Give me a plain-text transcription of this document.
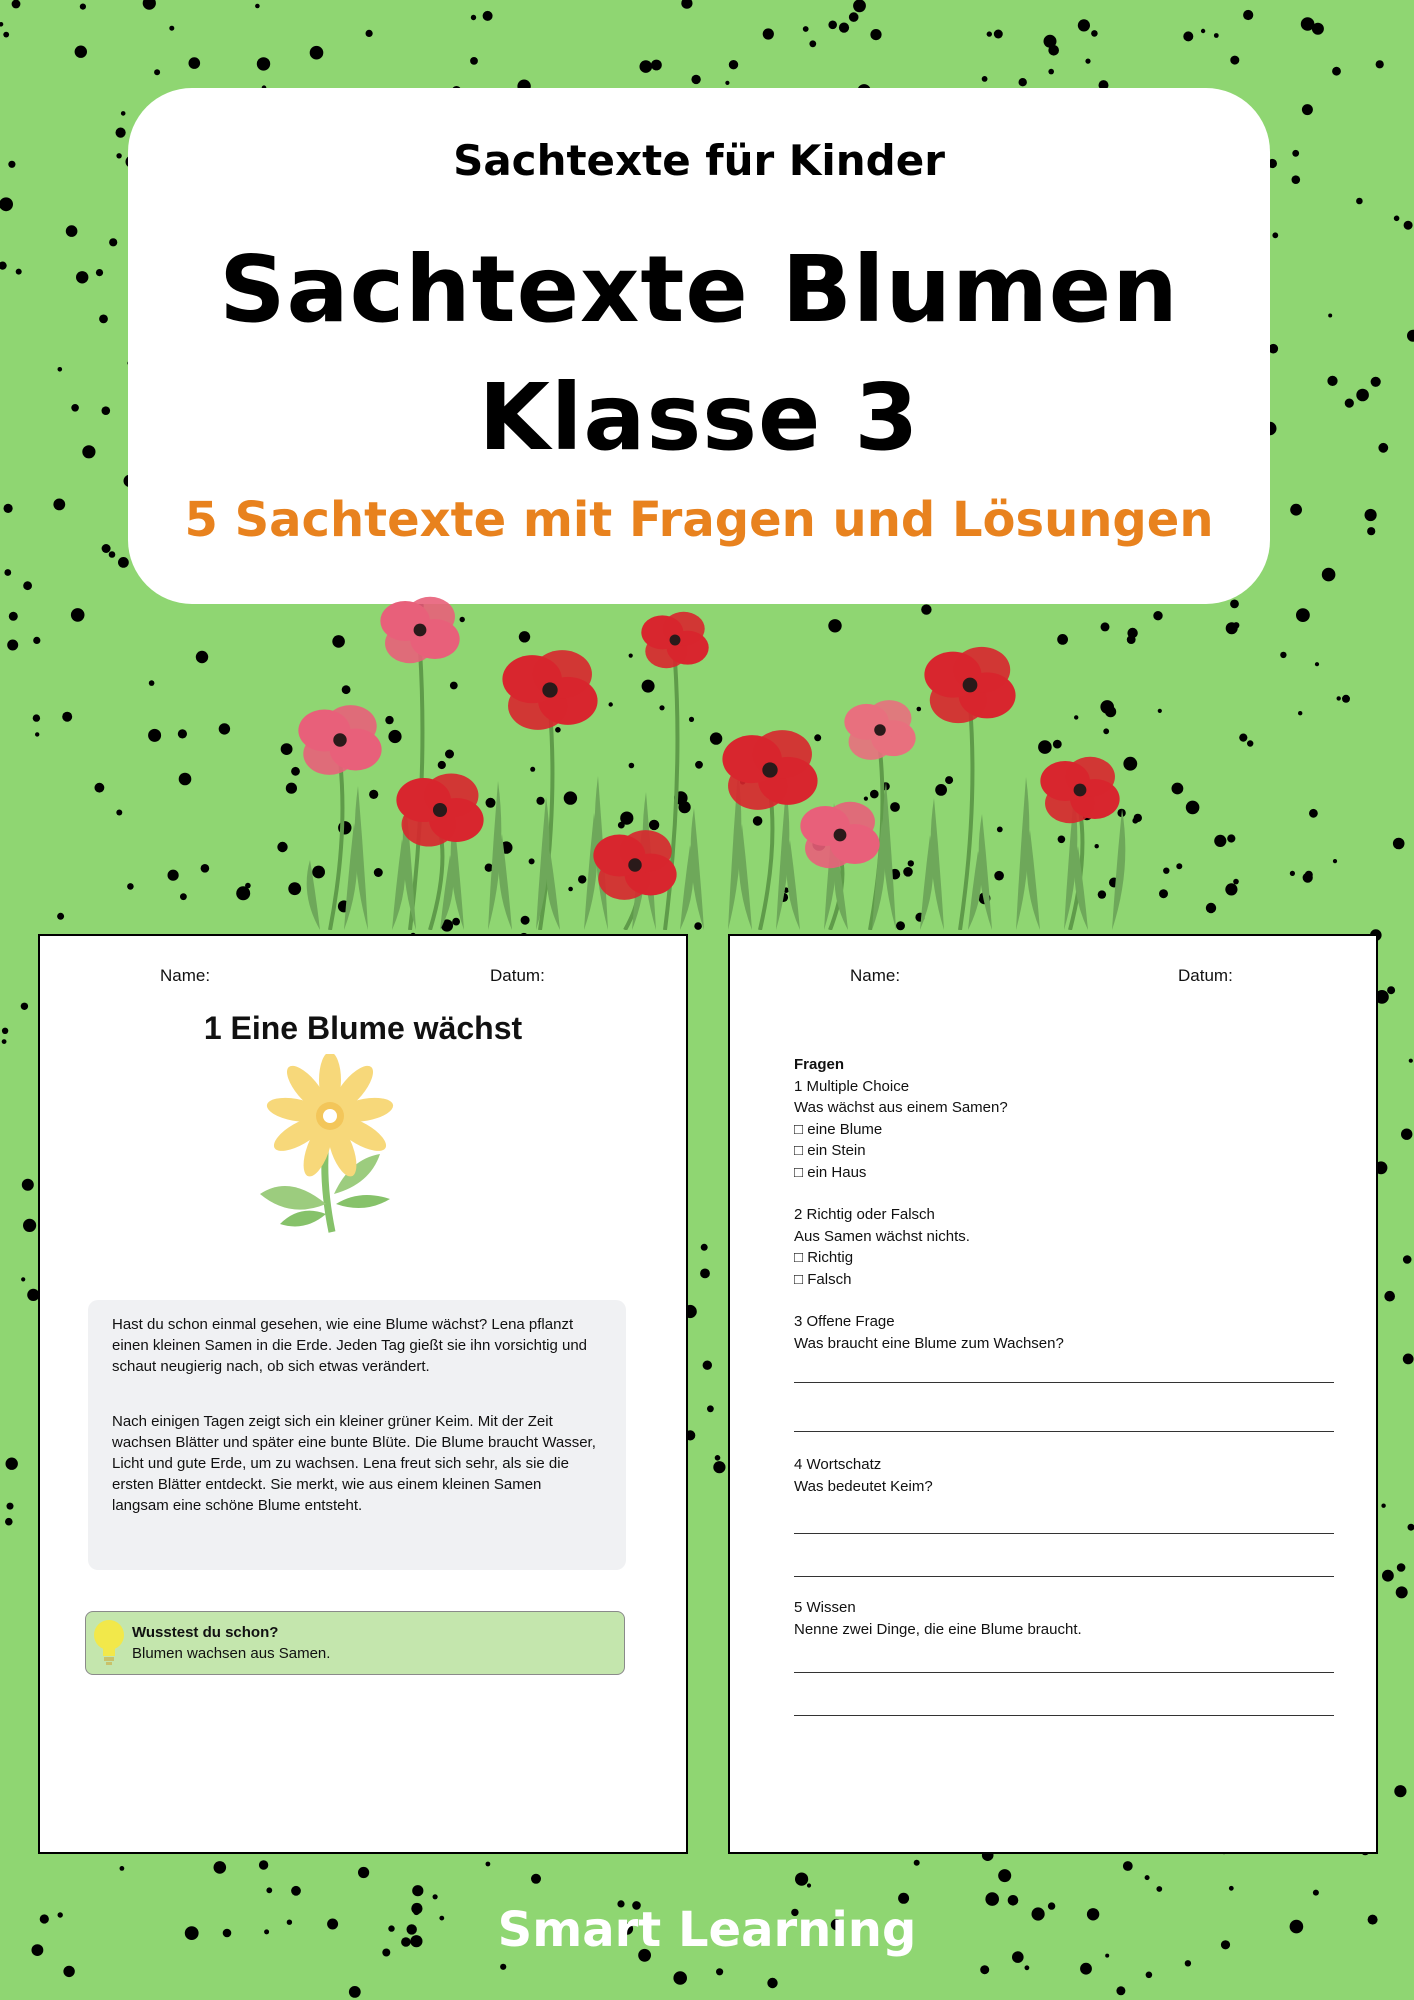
Sachtexte für Kinder
Sachtexte Blumen
Klasse 3
5 Sachtexte mit Fragen und Lösungen
Name:	Datum:
1 Eine Blume wächst

Hast du schon einmal gesehen, wie eine Blume wächst? Lena pflanzt einen kleinen Samen in die Erde. Jeden Tag gießt sie ihn vorsichtig und schaut neugierig nach, ob sich etwas verändert.

Nach einigen Tagen zeigt sich ein kleiner grüner Keim. Mit der Zeit wachsen Blätter und später eine bunte Blüte. Die Blume braucht Wasser, Licht und gute Erde, um zu wachsen. Lena freut sich sehr, als sie die ersten Blätter entdeckt. Sie merkt, wie aus einem kleinen Samen langsam eine schöne Blume entsteht.

Wusstest du schon?
Blumen wachsen aus Samen.
Name:	Datum:
Fragen
1 Multiple Choice
Was wächst aus einem Samen?
□ eine Blume
□ ein Stein
□ ein Haus
2 Richtig oder Falsch
Aus Samen wächst nichts.
□ Richtig
□ Falsch
3 Offene Frage
Was braucht eine Blume zum Wachsen?
4 Wortschatz
Was bedeutet Keim?
5 Wissen
Nenne zwei Dinge, die eine Blume braucht.
Smart Learning
